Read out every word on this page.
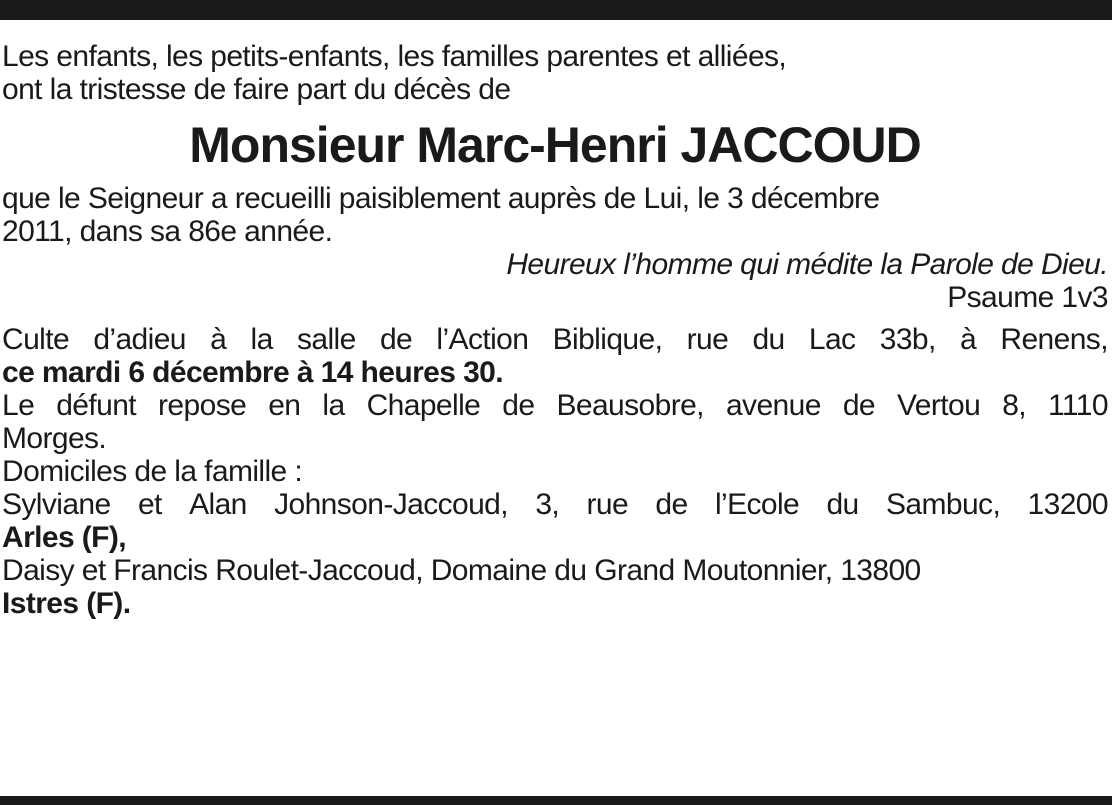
Les enfants, les petits-enfants, les familles parentes et alliées,
ont la tristesse de faire part du décès de
Monsieur Marc-Henri JACCOUD
que le Seigneur a recueilli paisiblement auprès de Lui, le 3 décembre
2011, dans sa 86e année.
Heureux l’homme qui médite la Parole de Dieu.
Psaume 1v3
Culte d’adieu à la salle de l’Action Biblique, rue du Lac 33b, à Renens,
ce mardi 6 décembre à 14 heures 30.
Le défunt repose en la Chapelle de Beausobre, avenue de Vertou 8, 1110
Morges.
Domiciles de la famille :
Sylviane et Alan Johnson-Jaccoud, 3, rue de l’Ecole du Sambuc, 13200
Arles (F),
Daisy et Francis Roulet-Jaccoud, Domaine du Grand Moutonnier, 13800
Istres (F).
